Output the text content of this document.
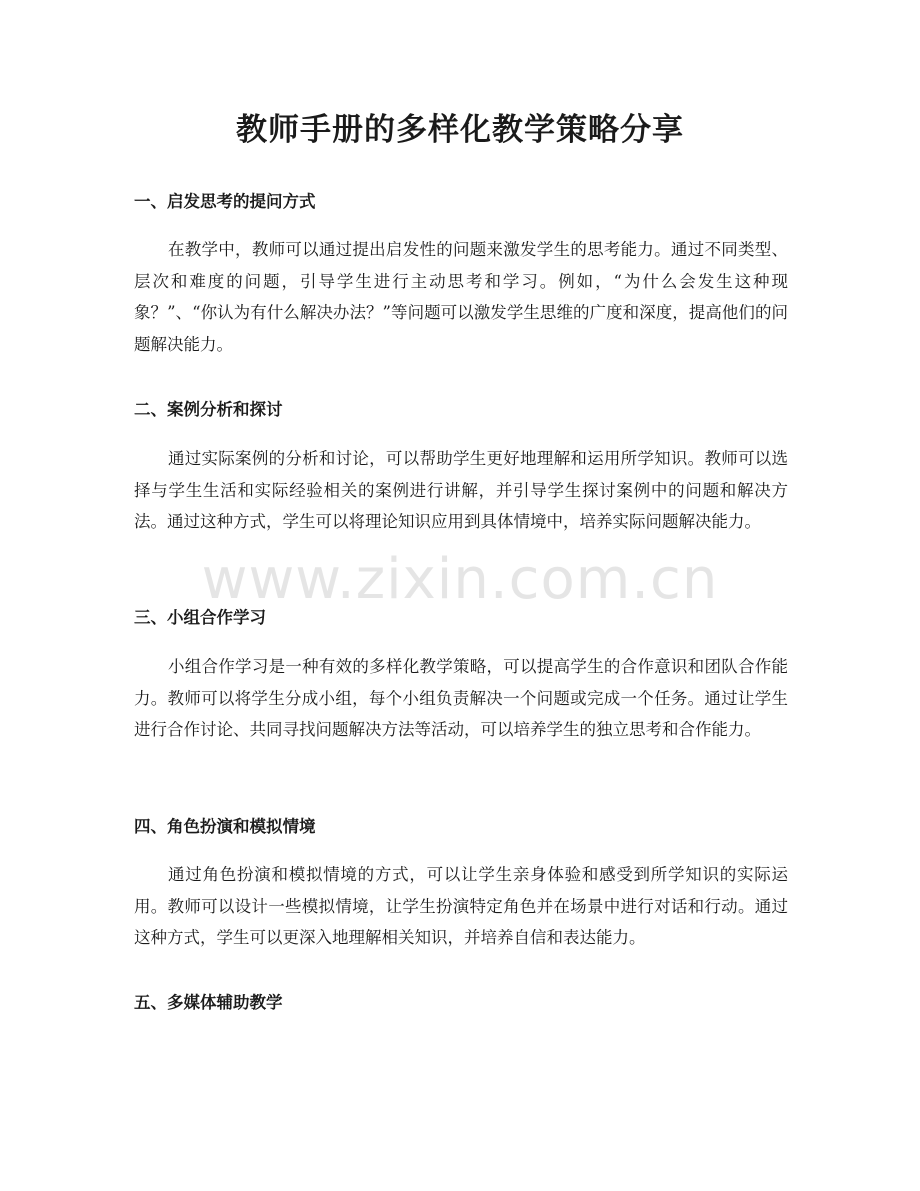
教师手册的多样化教学策略分享
一、启发思考的提问方式

在教学中，教师可以通过提出启发性的问题来激发学生的思考能力。通过不同类型、层次和难度的问题，引导学生进行主动思考和学习。例如，“为什么会发生这种现象？”、“你认为有什么解决办法？”等问题可以激发学生思维的广度和深度，提高他们的问题解决能力。

二、案例分析和探讨

通过实际案例的分析和讨论，可以帮助学生更好地理解和运用所学知识。教师可以选择与学生生活和实际经验相关的案例进行讲解，并引导学生探讨案例中的问题和解决方法。通过这种方式，学生可以将理论知识应用到具体情境中，培养实际问题解决能力。

三、小组合作学习

小组合作学习是一种有效的多样化教学策略，可以提高学生的合作意识和团队合作能力。教师可以将学生分成小组，每个小组负责解决一个问题或完成一个任务。通过让学生进行合作讨论、共同寻找问题解决方法等活动，可以培养学生的独立思考和合作能力。

四、角色扮演和模拟情境

通过角色扮演和模拟情境的方式，可以让学生亲身体验和感受到所学知识的实际运用。教师可以设计一些模拟情境，让学生扮演特定角色并在场景中进行对话和行动。通过这种方式，学生可以更深入地理解相关知识，并培养自信和表达能力。

五、多媒体辅助教学
www.zixin.com.cn
